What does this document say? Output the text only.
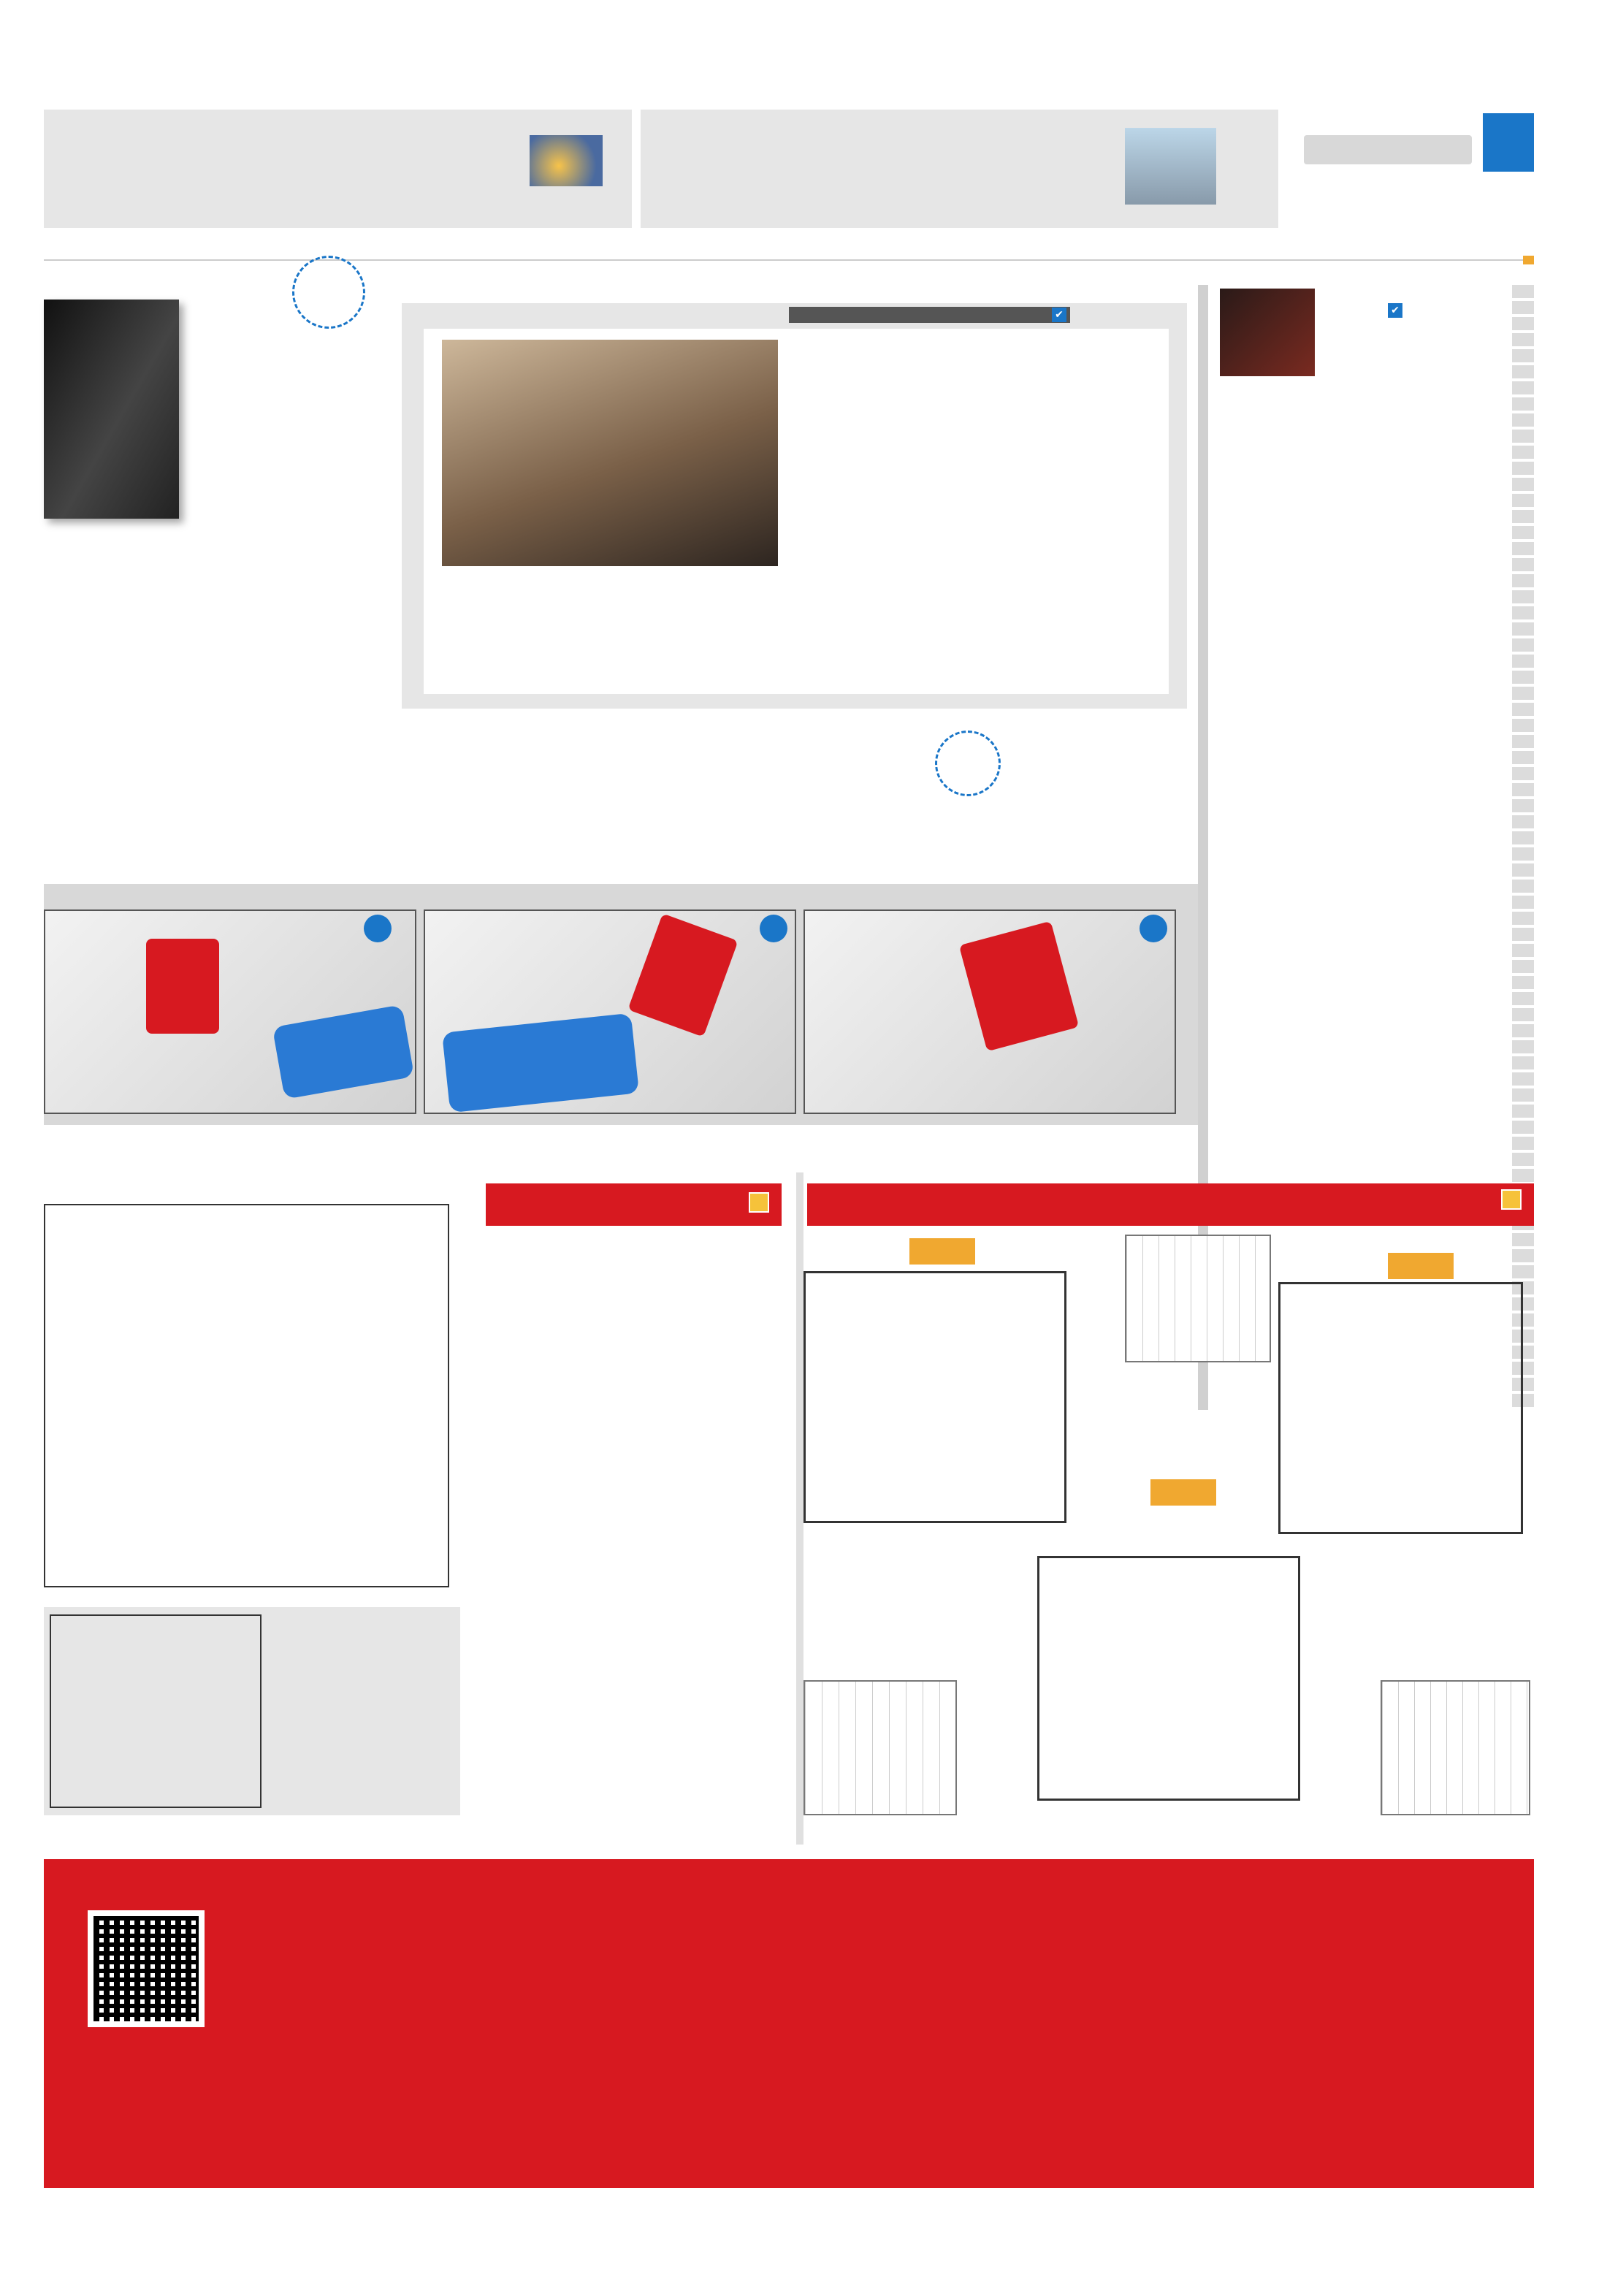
✔
✔
